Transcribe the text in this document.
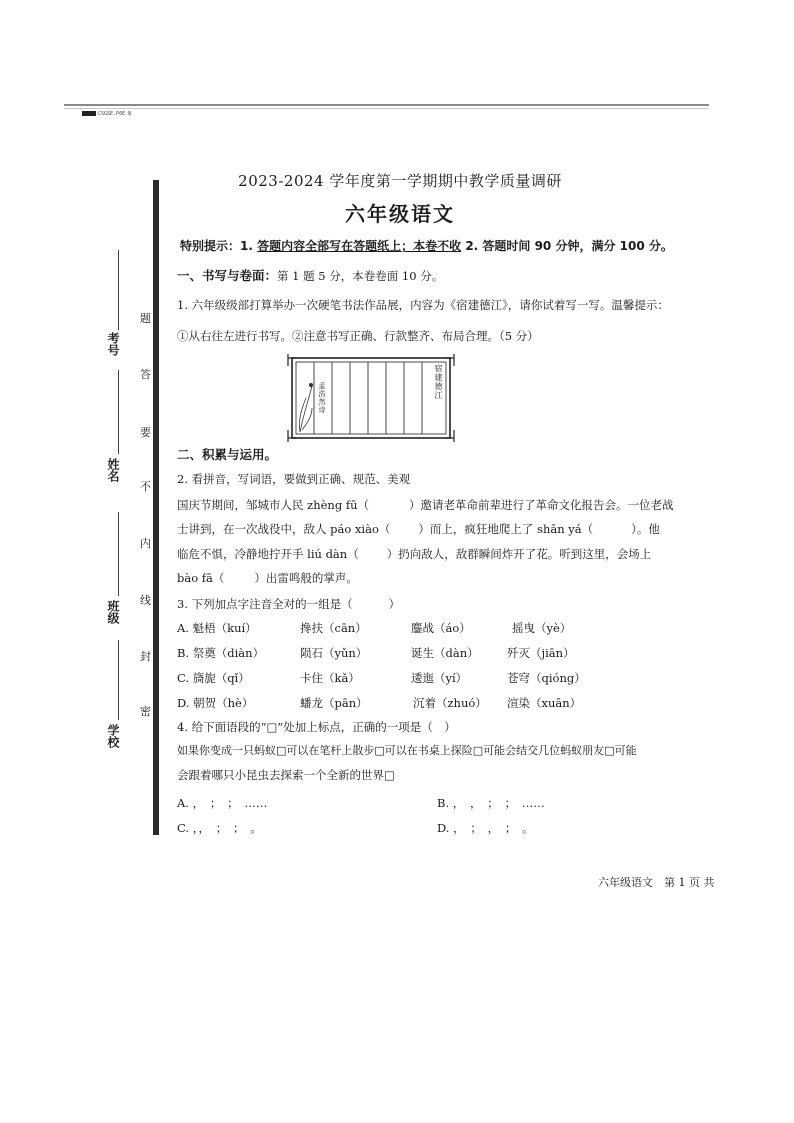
CSGSE.P6E B
题
答
要
不
内
线
封
密
考号
姓名
班级
学校
2023-2024 学年度第一学期期中教学质量调研
六年级语文
特别提示：1. 答题内容全部写在答题纸上；本卷不收 2. 答题时间 90 分钟，满分 100 分。
一、书写与卷面：第 1 题 5 分，本卷卷面 10 分。
1. 六年级级部打算举办一次硬笔书法作品展，内容为《宿建德江》，请你试着写一写。温馨提示：
①从右往左进行书写。②注意书写正确、行款整齐、布局合理。（5 分）
宿建德江
孟浩然诗
二、积累与运用。
2. 看拼音，写词语，要做到正确、规范、美观
国庆节期间，邹城市人民 zhèng fū（	）邀请老革命前辈进行了革命文化报告会。一位老战
士讲到，在一次战役中，敌人 páo xiào（ ）而上，疯狂地爬上了 shān yá（	）。他
临危不惧，冷静地拧开手 liú dàn（ ）扔向敌人，敌群瞬间炸开了花。听到这里，会场上
bào fā（	）出雷鸣般的掌声。
3. 下列加点字注音全对的一组是（	）
A. 魁梧（kuí）	搀扶（cān）	鏖战（áo）	摇曳（yè）
B. 祭奠（diàn）	陨石（yǔn）	诞生（dàn） 歼灭（jiān）
C. 旖旎（qǐ）	卡住（kǎ）	逶迤（yí）	苍穹（qióng）
D. 朝贺（hè）	蟠龙（pān）	沉着（zhuó） 渲染（xuān）
4. 给下面语段的“□”处加上标点，正确的一项是（　）
如果你变成一只蚂蚁□可以在笔杆上散步□可以在书桌上探险□可能会结交几位蚂蚁朋友□可能
会跟着哪只小昆虫去探索一个全新的世界□
A. ，　；　；　……	B. ，　，　；　；　……
C. ，，　；　；　。	D. ，　；　，　；　。
六年级语文　第 1 页 共
